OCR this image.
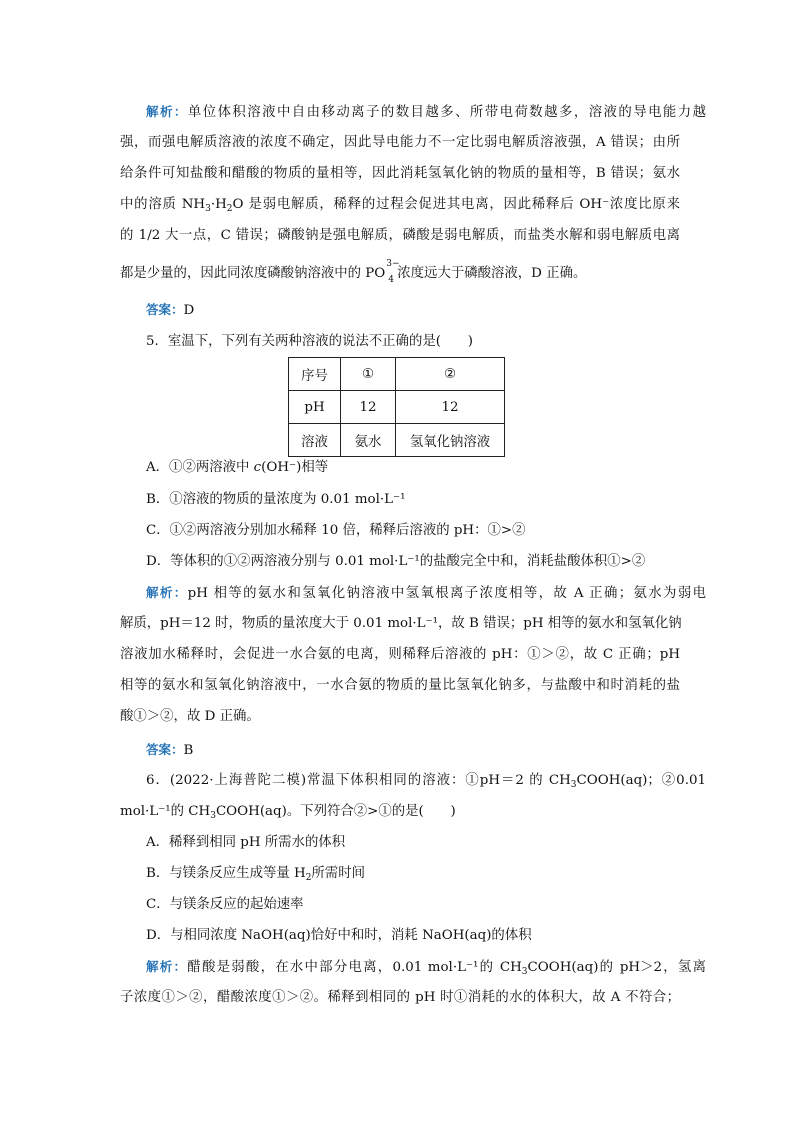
解析：单位体积溶液中自由移动离子的数目越多、所带电荷数越多，溶液的导电能力越
强，而强电解质溶液的浓度不确定，因此导电能力不一定比弱电解质溶液强，A 错误；由所
给条件可知盐酸和醋酸的物质的量相等，因此消耗氢氧化钠的物质的量相等，B 错误；氨水
中的溶质 $NH_3\cdot H_2O$ 是弱电解质，稀释的过程会促进其电离，因此稀释后 OH⁻浓度比原来
的 1/2 大一点，C 错误；磷酸钠是强电解质，磷酸是弱电解质，而盐类水解和弱电解质电离
都是少量的，因此同浓度磷酸钠溶液中的 PO
3−
4 浓度远大于磷酸溶液，D 正确。
答案：D
5．室温下，下列有关两种溶液的说法不正确的是(　　)
序号	①	②
pH	12	12
溶液	氨水	氢氧化钠溶液
A．①②两溶液中 c(OH⁻)相等
B．①溶液的物质的量浓度为 0.01 mol·L⁻¹
C．①②两溶液分别加水稀释 10 倍，稀释后溶液的 pH：①>②
D．等体积的①②两溶液分别与 0.01 mol·L⁻¹的盐酸完全中和，消耗盐酸体积①>②
解析：pH 相等的氨水和氢氧化钠溶液中氢氧根离子浓度相等，故 A 正确；氨水为弱电
解质，pH＝12 时，物质的量浓度大于 0.01 mol·L⁻¹，故 B 错误；pH 相等的氨水和氢氧化钠
溶液加水稀释时，会促进一水合氨的电离，则稀释后溶液的 pH：①＞②，故 C 正确；pH
相等的氨水和氢氧化钠溶液中，一水合氨的物质的量比氢氧化钠多，与盐酸中和时消耗的盐
酸①＞②，故 D 正确。
答案：B
6．(2022·上海普陀二模)常温下体积相同的溶液：①pH＝2 的 $CH_3COOH(aq)$；②0.01
mol·L⁻¹的 $CH_3COOH(aq)$。下列符合②>①的是(　　)
A．稀释到相同 pH 所需水的体积
B．与镁条反应生成等量 $H_2$所需时间
C．与镁条反应的起始速率
D．与相同浓度 NaOH(aq)恰好中和时，消耗 NaOH(aq)的体积
解析：醋酸是弱酸，在水中部分电离，0.01 mol·L⁻¹的 $CH_3COOH(aq)$的 pH＞2，氢离
子浓度①＞②，醋酸浓度①＞②。稀释到相同的 pH 时①消耗的水的体积大，故 A 不符合；
